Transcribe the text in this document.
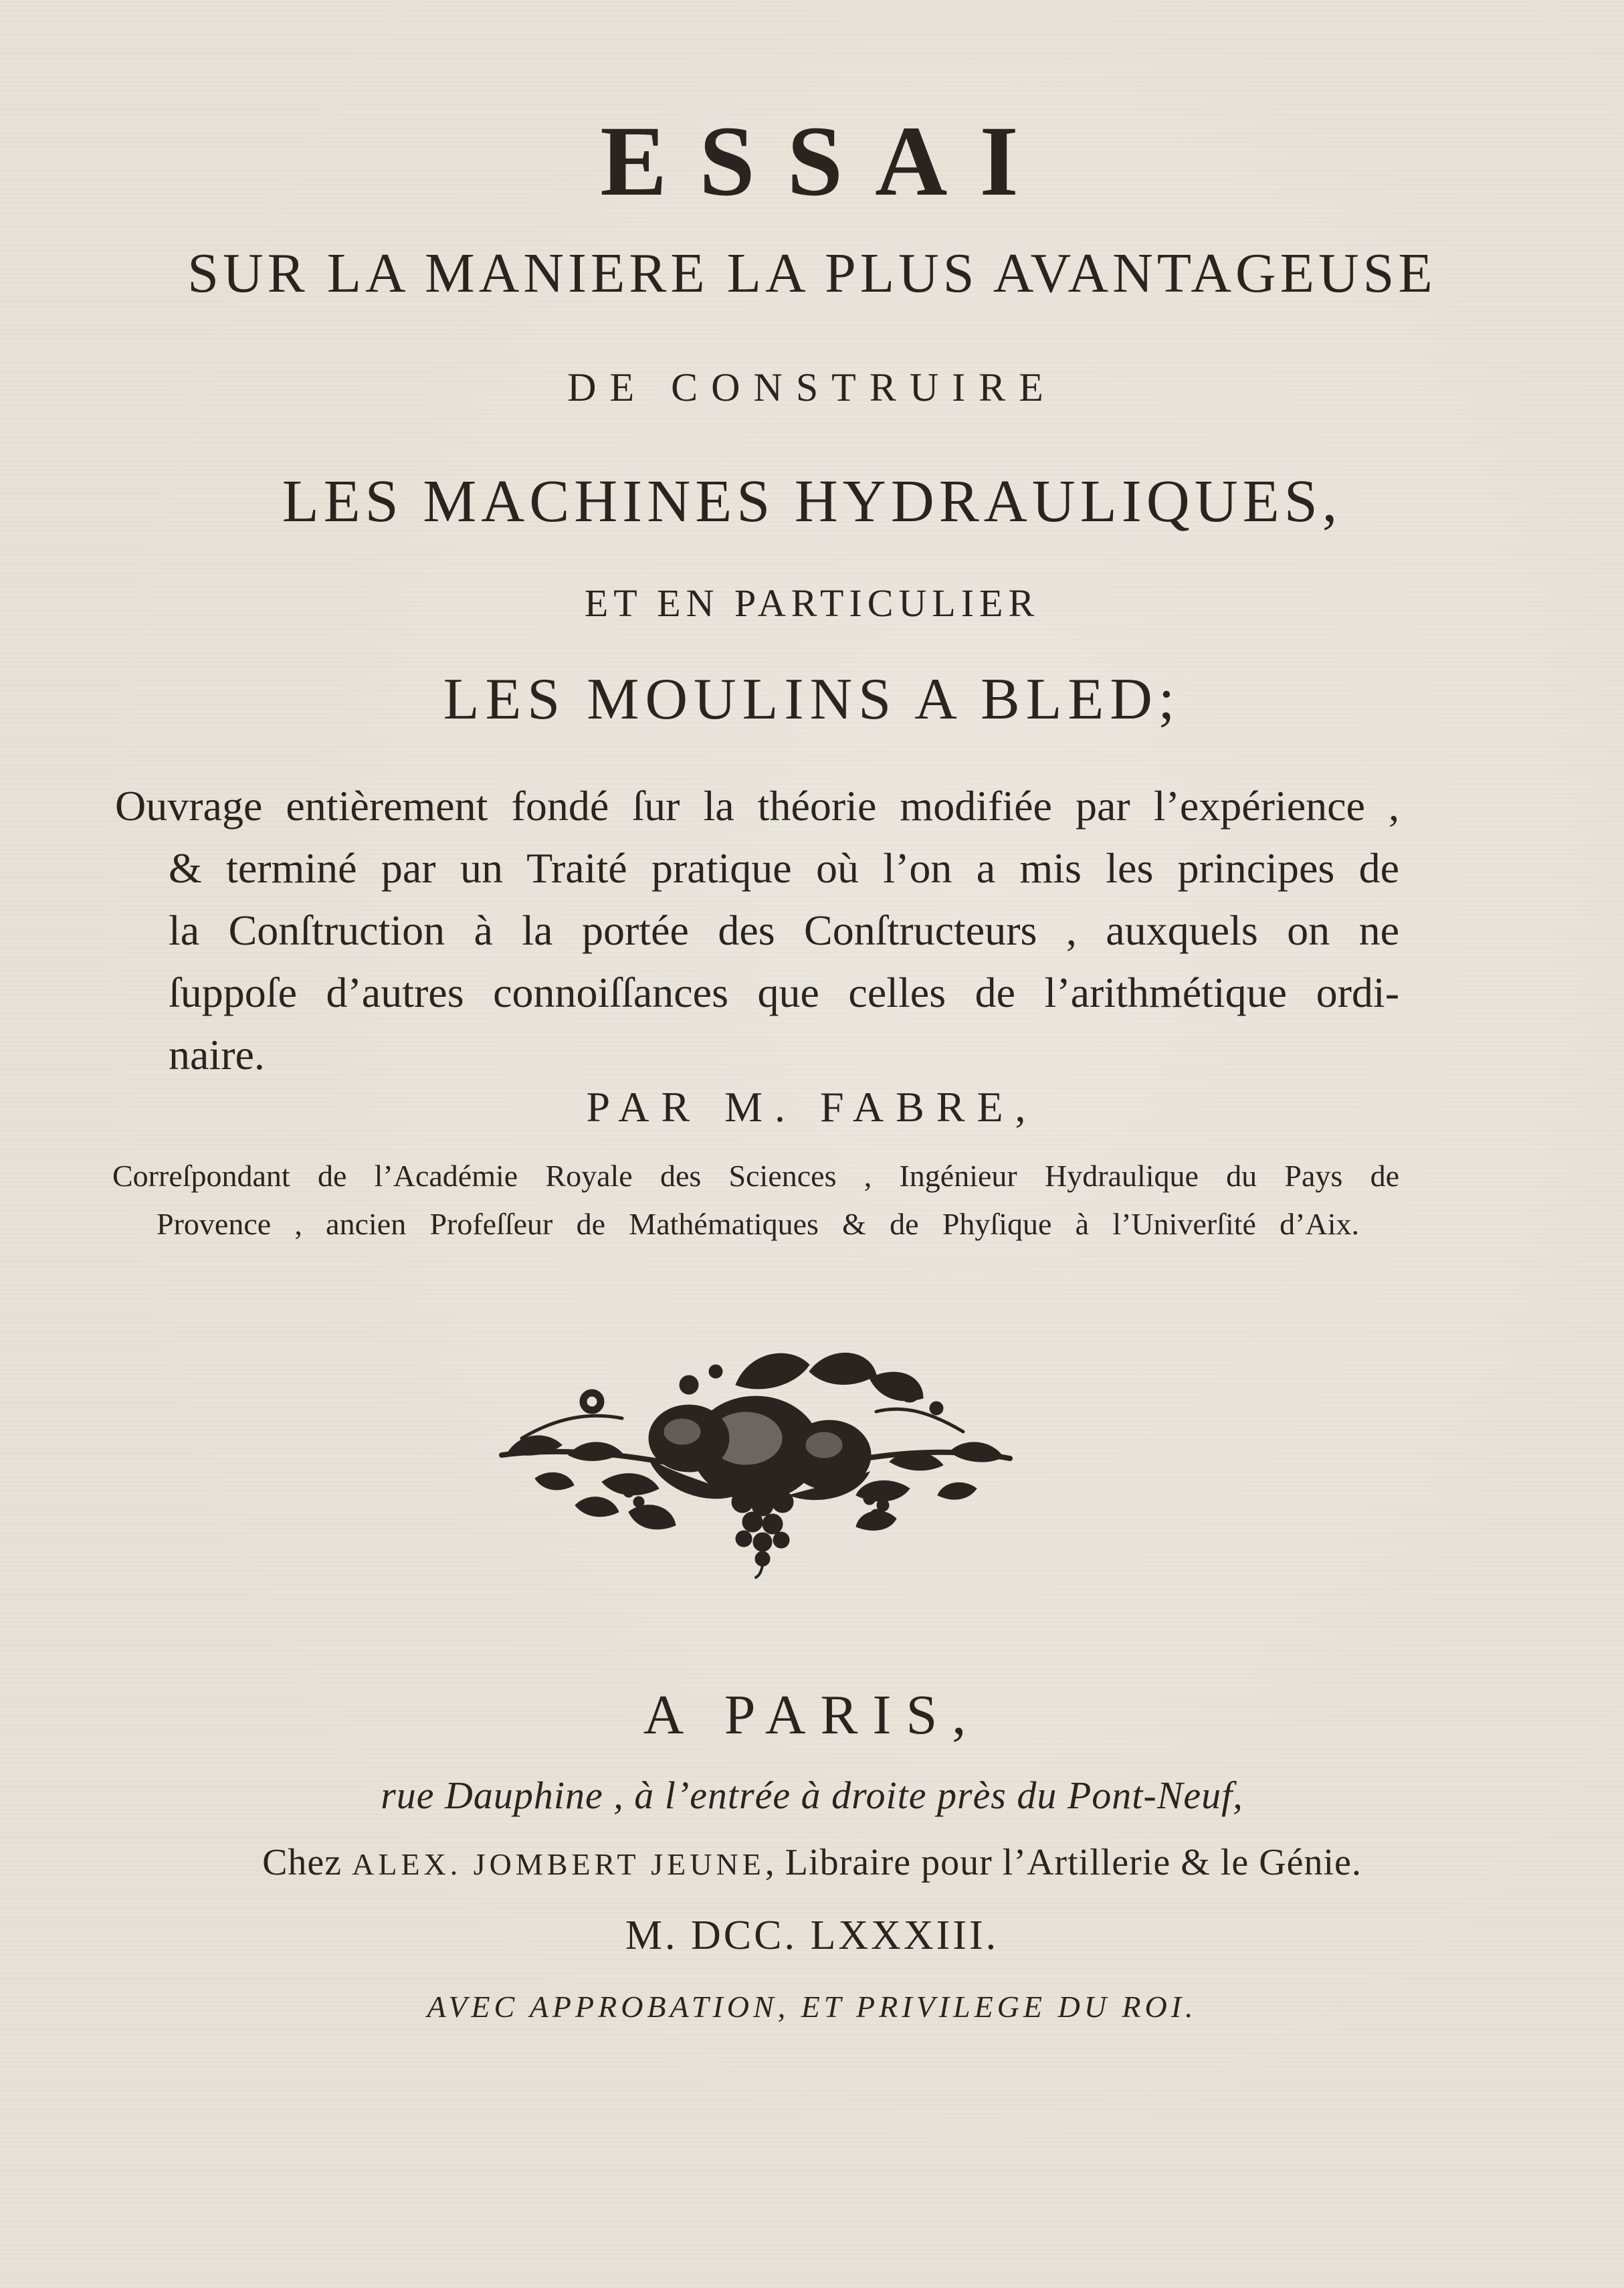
ESSAI
SUR LA MANIERE LA PLUS AVANTAGEUSE
DE CONSTRUIRE
LES MACHINES HYDRAULIQUES,
ET EN PARTICULIER
LES MOULINS A BLED;
Ouvrage entièrement fondé ſur la théorie modifiée par l’expérience ,
& terminé par un Traité pratique où l’on a mis les principes de
la Conſtruction à la portée des Conſtructeurs , auxquels on ne
ſuppoſe d’autres connoiſſances que celles de l’arithmétique ordi-
naire.
PAR M. FABRE,
Correſpondant de l’Académie Royale des Sciences , Ingénieur Hydraulique du Pays de
Provence , ancien Profeſſeur de Mathématiques & de Phyſique à l’Univerſité d’Aix.
A PARIS,
rue Dauphine , à l’entrée à droite près du Pont-Neuf,
Chez ALEX. JOMBERT JEUNE, Libraire pour l’Artillerie & le Génie.
M. DCC. LXXXIII.
AVEC APPROBATION, ET PRIVILEGE DU ROI.
